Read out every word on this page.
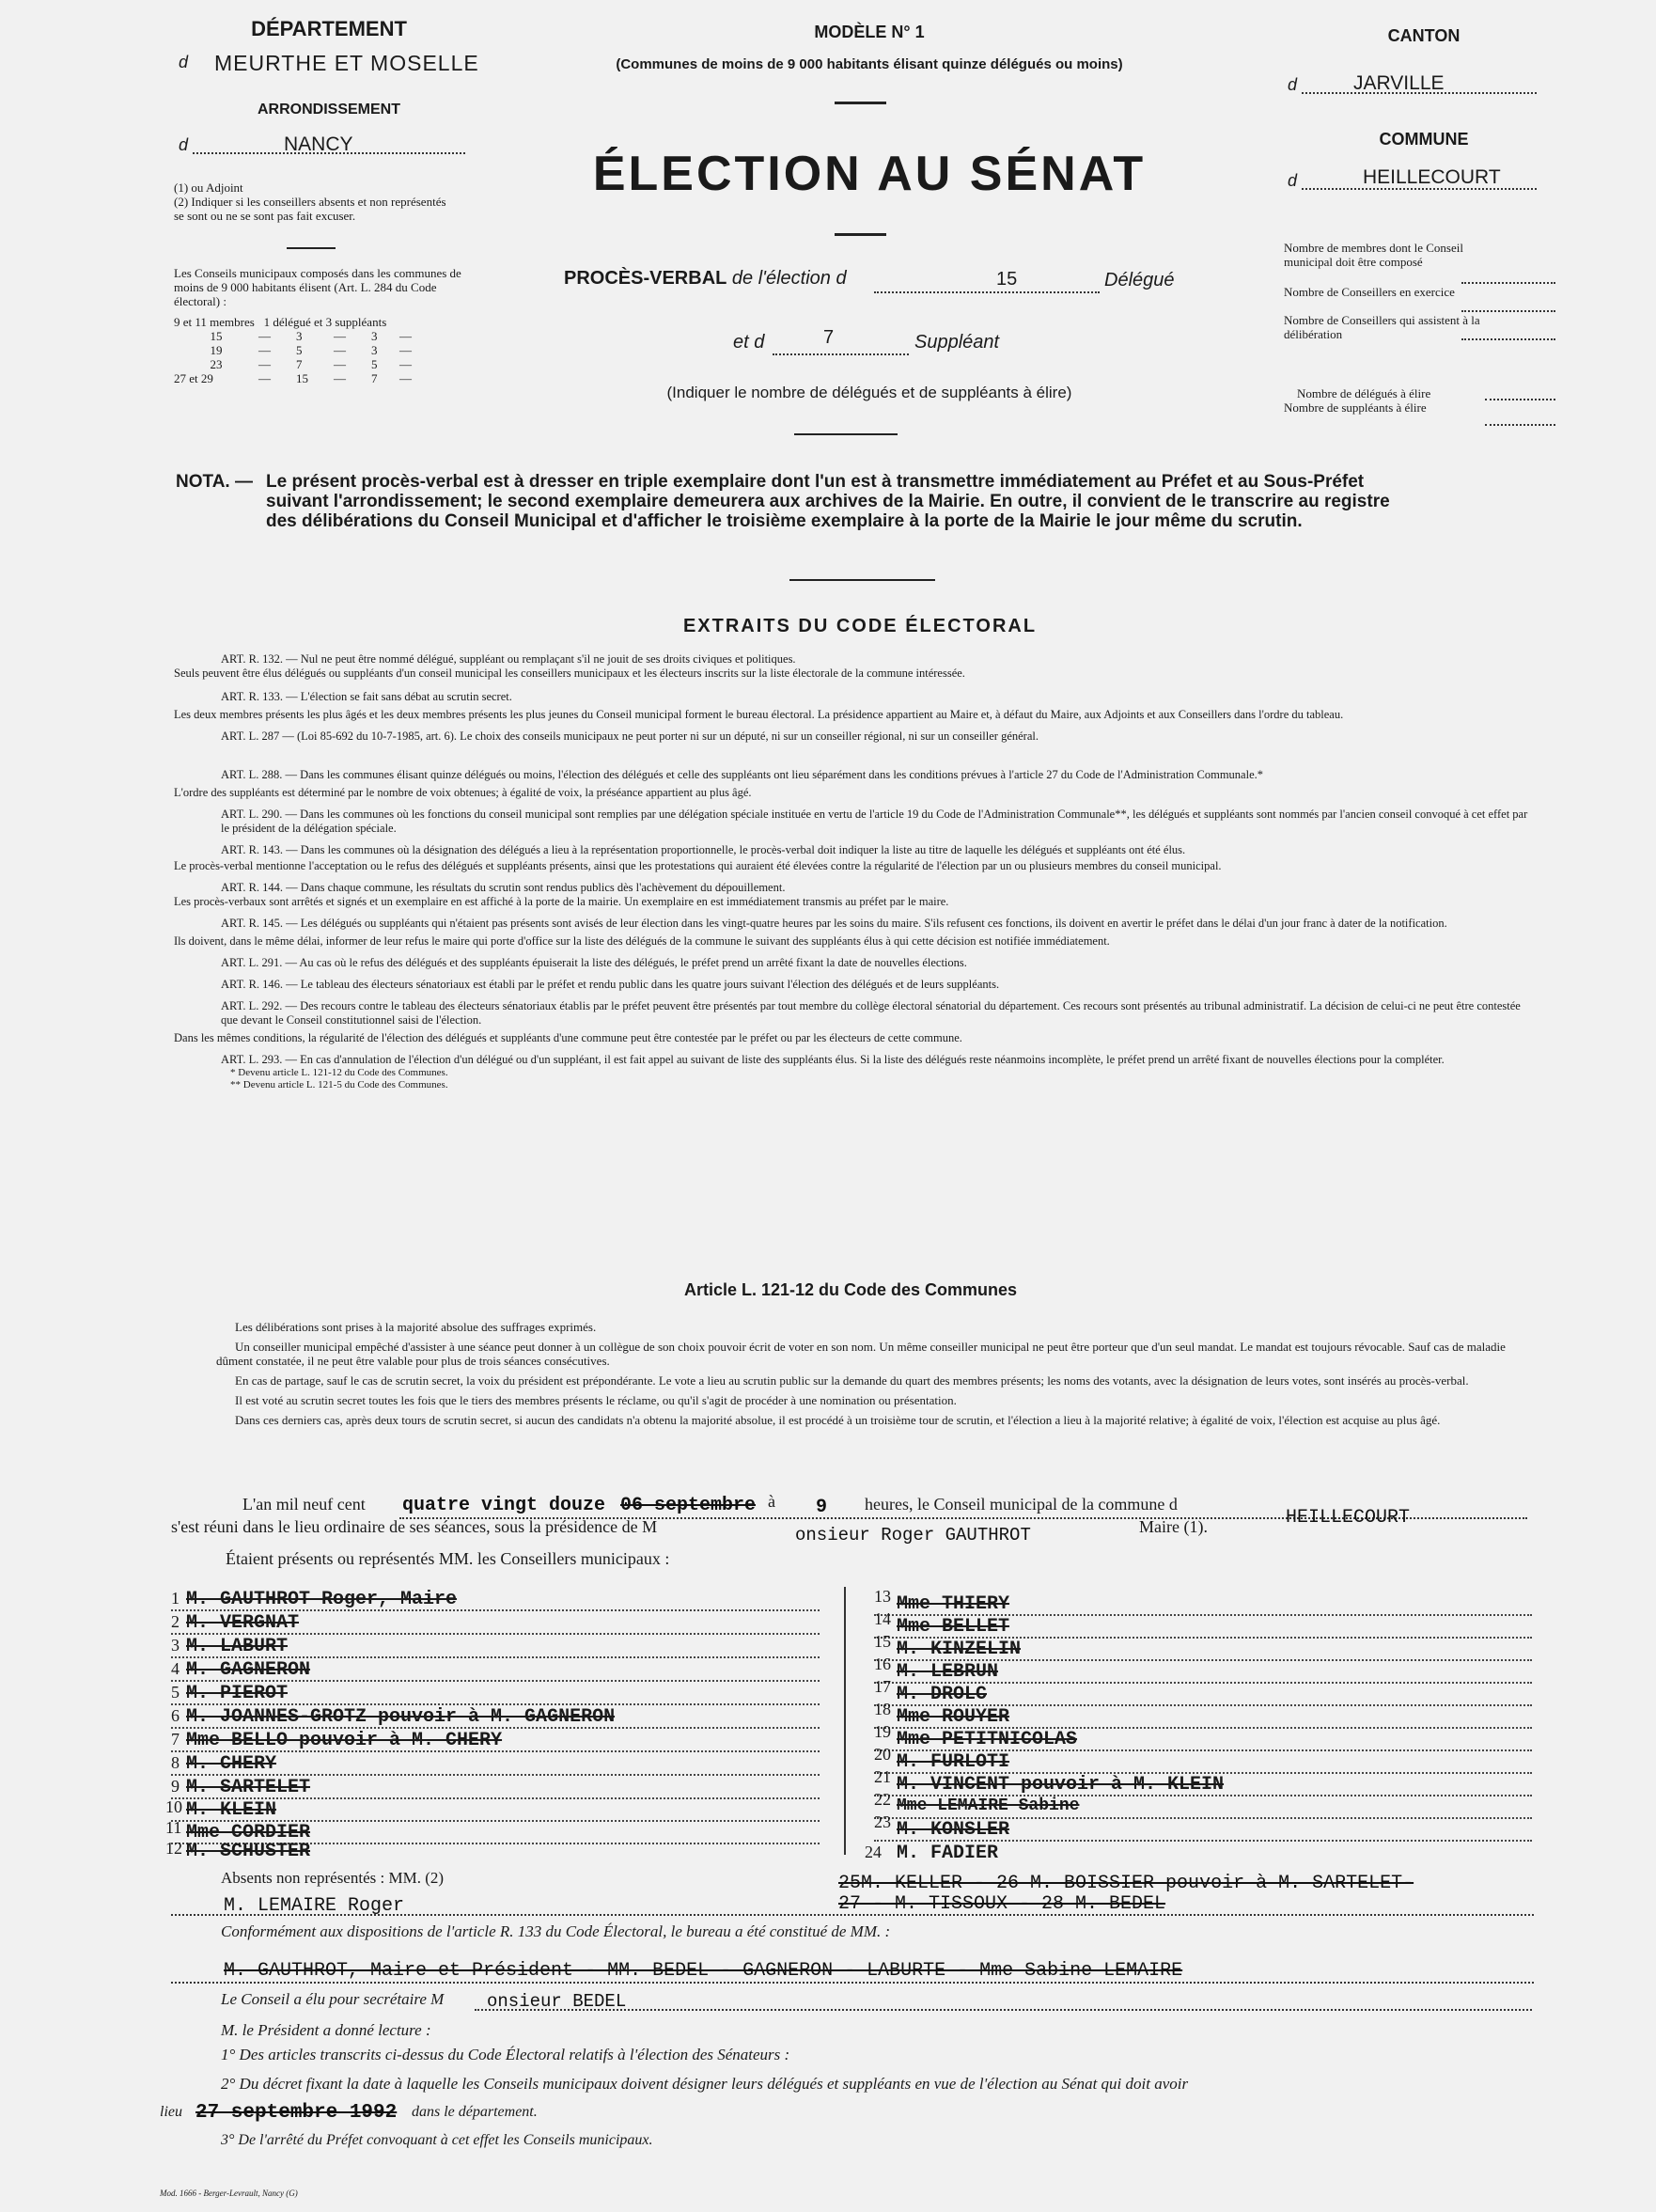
DÉPARTEMENT
d MEURTHE ET MOSELLE
ARRONDISSEMENT
d	NANCY
(1) ou Adjoint
(2) Indiquer si les conseillers absents et non représentés se sont ou ne se sont pas fait excuser.
Les Conseils municipaux composés dans les communes de moins de 9 000 habitants élisent (Art. L. 284 du Code électoral) :
9 et 11 membres 1 délégué et 3 suppléants
15	—	3	—	3	—
19	—	5	—	3	—
23	—	7	—	5	—
27 et 29	—	15	—	7	—
MODÈLE N° 1
(Communes de moins de 9 000 habitants élisant quinze délégués ou moins)
ÉLECTION AU SÉNAT
PROCÈS-VERBAL de l'élection d	15	Délégué
et d	7	Suppléant
(Indiquer le nombre de délégués et de suppléants à élire)
CANTON
d	JARVILLE
COMMUNE
d	HEILLECOURT
Nombre de membres dont le Conseil municipal doit être composé
Nombre de Conseillers en exercice
Nombre de Conseillers qui assistent à la délibération
Nombre de délégués à élire
Nombre de suppléants à élire
NOTA. — Le présent procès-verbal est à dresser en triple exemplaire dont l'un est à transmettre immédiatement au Préfet et au Sous-Préfet suivant l'arrondissement; le second exemplaire demeurera aux archives de la Mairie. En outre, il convient de le transcrire au registre des délibérations du Conseil Municipal et d'afficher le troisième exemplaire à la porte de la Mairie le jour même du scrutin.
EXTRAITS DU CODE ÉLECTORAL
ART. R. 132. — Nul ne peut être nommé délégué, suppléant ou remplaçant s'il ne jouit de ses droits civiques et politiques.
Seuls peuvent être élus délégués ou suppléants d'un conseil municipal les conseillers municipaux et les électeurs inscrits sur la liste électorale de la commune intéressée.
ART. R. 133. — L'élection se fait sans débat au scrutin secret.
Les deux membres présents les plus âgés et les deux membres présents les plus jeunes du Conseil municipal forment le bureau électoral. La présidence appartient au Maire et, à défaut du Maire, aux Adjoints et aux Conseillers dans l'ordre du tableau.
ART. L. 287 — (Loi 85-692 du 10-7-1985, art. 6). Le choix des conseils municipaux ne peut porter ni sur un député, ni sur un conseiller régional, ni sur un conseiller général.
ART. L. 288. — Dans les communes élisant quinze délégués ou moins, l'élection des délégués et celle des suppléants ont lieu séparément dans les conditions prévues à l'article 27 du Code de l'Administration Communale.*
L'ordre des suppléants est déterminé par le nombre de voix obtenues; à égalité de voix, la préséance appartient au plus âgé.
ART. L. 290. — Dans les communes où les fonctions du conseil municipal sont remplies par une délégation spéciale instituée en vertu de l'article 19 du Code de l'Administration Communale**, les délégués et suppléants sont nommés par l'ancien conseil convoqué à cet effet par le président de la délégation spéciale.
ART. R. 143. — Dans les communes où la désignation des délégués a lieu à la représentation proportionnelle, le procès-verbal doit indiquer la liste au titre de laquelle les délégués et suppléants ont été élus.
Le procès-verbal mentionne l'acceptation ou le refus des délégués et suppléants présents, ainsi que les protestations qui auraient été élevées contre la régularité de l'élection par un ou plusieurs membres du conseil municipal.
ART. R. 144. — Dans chaque commune, les résultats du scrutin sont rendus publics dès l'achèvement du dépouillement.
Les procès-verbaux sont arrêtés et signés et un exemplaire en est affiché à la porte de la mairie. Un exemplaire en est immédiatement transmis au préfet par le maire.
ART. R. 145. — Les délégués ou suppléants qui n'étaient pas présents sont avisés de leur élection dans les vingt-quatre heures par les soins du maire. S'ils refusent ces fonctions, ils doivent en avertir le préfet dans le délai d'un jour franc à dater de la notification.
Ils doivent, dans le même délai, informer de leur refus le maire qui porte d'office sur la liste des délégués de la commune le suivant des suppléants élus à qui cette décision est notifiée immédiatement.
ART. L. 291. — Au cas où le refus des délégués et des suppléants épuiserait la liste des délégués, le préfet prend un arrêté fixant la date de nouvelles élections.
ART. R. 146. — Le tableau des électeurs sénatoriaux est établi par le préfet et rendu public dans les quatre jours suivant l'élection des délégués et de leurs suppléants.
ART. L. 292. — Des recours contre le tableau des électeurs sénatoriaux établis par le préfet peuvent être présentés par tout membre du collège électoral sénatorial du département. Ces recours sont présentés au tribunal administratif. La décision de celui-ci ne peut être contestée que devant le Conseil constitutionnel saisi de l'élection.
Dans les mêmes conditions, la régularité de l'élection des délégués et suppléants d'une commune peut être contestée par le préfet ou par les électeurs de cette commune.
ART. L. 293. — En cas d'annulation de l'élection d'un délégué ou d'un suppléant, il est fait appel au suivant de liste des suppléants élus. Si la liste des délégués reste néanmoins incomplète, le préfet prend un arrêté fixant de nouvelles élections pour la compléter.
* Devenu article L. 121-12 du Code des Communes.
** Devenu article L. 121-5 du Code des Communes.
Article L. 121-12 du Code des Communes

Les délibérations sont prises à la majorité absolue des suffrages exprimés.

Un conseiller municipal empêché d'assister à une séance peut donner à un collègue de son choix pouvoir écrit de voter en son nom. Un même conseiller municipal ne peut être porteur que d'un seul mandat. Le mandat est toujours révocable. Sauf cas de maladie dûment constatée, il ne peut être valable pour plus de trois séances consécutives.

En cas de partage, sauf le cas de scrutin secret, la voix du président est prépondérante. Le vote a lieu au scrutin public sur la demande du quart des membres présents; les noms des votants, avec la désignation de leurs votes, sont insérés au procès-verbal.

Il est voté au scrutin secret toutes les fois que le tiers des membres présents le réclame, ou qu'il s'agit de procéder à une nomination ou présentation.

Dans ces derniers cas, après deux tours de scrutin secret, si aucun des candidats n'a obtenu la majorité absolue, il est procédé à un troisième tour de scrutin, et l'élection a lieu à la majorité relative; à égalité de voix, l'élection est acquise au plus âgé.

L'an mil neuf cent quatre vingt douze 06 septembre à 9 heures, le Conseil municipal de la commune d
HEILLECOURT
s'est réuni dans le lieu ordinaire de ses séances, sous la présidence de M	onsieur Roger GAUTHROT	Maire (1).
Étaient présents ou représentés MM. les Conseillers municipaux :
1 M. GAUTHROT Roger, Maire
2 M. VERGNAT
3 M. LABURT
4 M. GAGNERON
5 M. PIEROT
6 M. JOANNES-GROTZ pouvoir à M. GAGNERON
7 Mme BELLO pouvoir à M. CHERY
8 M. CHERY
9 M. SARTELET
10 M. KLEIN
11 Mme CORDIER
12 M. SCHUSTER
13 Mme THIERY
14 Mme BELLET
15 M. KINZELIN
16 M. LEBRUN
17 M. DROLC
18 Mme ROUYER
19 Mme PETITNICOLAS
20 M. FURLOTI
21 M. VINCENT pouvoir à M. KLEIN
22 Mme LEMAIRE Sabine
23 M. KONSLER
24 M. FADIER
Absents non représentés : MM. (2)	25M. KELLER - 26 M. BOISSIER pouvoir à M. SARTELET-
M. LEMAIRE Roger	27 - M. TISSOUX - 28 M. BEDEL
Conformément aux dispositions de l'article R. 133 du Code Électoral, le bureau a été constitué de MM. :
M. GAUTHROT, Maire et Président - MM. BEDEL - GAGNERON - LABURTE - Mme Sabine LEMAIRE
Le Conseil a élu pour secrétaire M onsieur BEDEL
M. le Président a donné lecture :
1° Des articles transcrits ci-dessus du Code Électoral relatifs à l'élection des Sénateurs :
2° Du décret fixant la date à laquelle les Conseils municipaux doivent désigner leurs délégués et suppléants en vue de l'élection au Sénat qui doit avoir
lieu 27 septembre 1992 dans le département.
3° De l'arrêté du Préfet convoquant à cet effet les Conseils municipaux.
Mod. 1666 - Berger-Levrault, Nancy (G)
